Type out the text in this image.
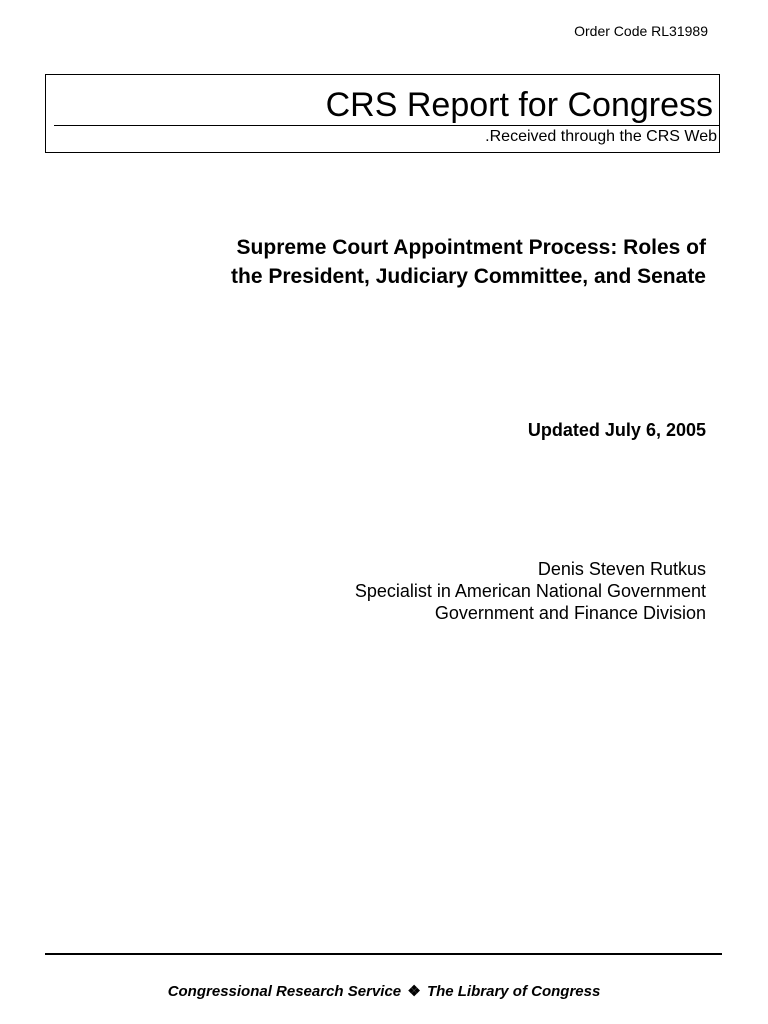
Order Code RL31989
CRS Report for Congress
.Received through the CRS Web
Supreme Court Appointment Process: Roles of
the President, Judiciary Committee, and Senate
Updated July 6, 2005
Denis Steven Rutkus
Specialist in American National Government
Government and Finance Division
Congressional Research Service ❖ The Library of Congress
